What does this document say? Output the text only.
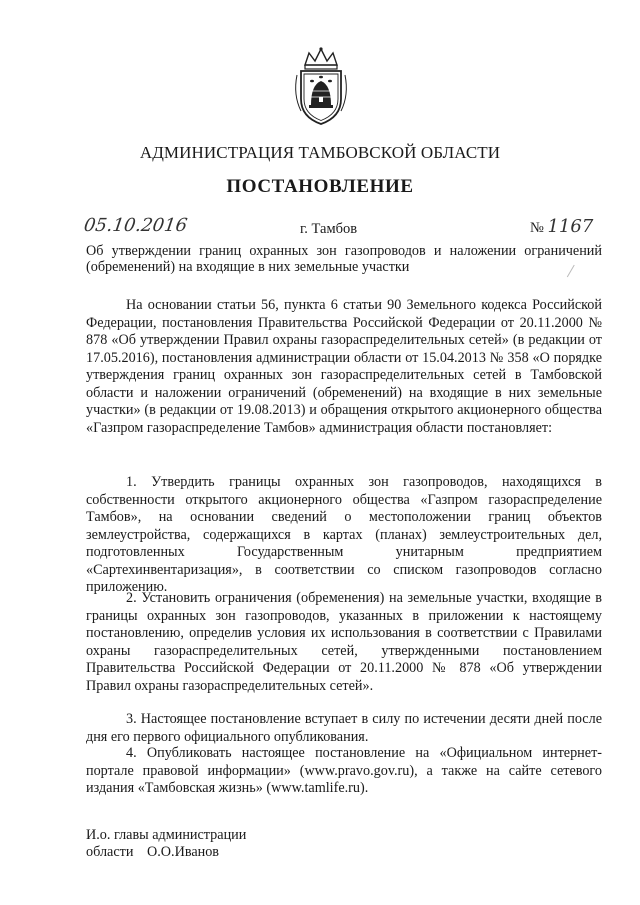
АДМИНИСТРАЦИЯ ТАМБОВСКОЙ ОБЛАСТИ
ПОСТАНОВЛЕНИЕ
05.10.2016	г. Тамбов	№ 1167
Об утверждении границ охранных зон газопроводов и наложении ограничений (обременений) на входящие в них земельные участки
На основании статьи 56, пункта 6 статьи 90 Земельного кодекса Российской Федерации, постановления Правительства Российской Федерации от 20.11.2000 № 878 «Об утверждении Правил охраны газораспределительных сетей» (в редакции от 17.05.2016), постановления администрации области от 15.04.2013 № 358 «О порядке утверждения границ охранных зон газораспределительных сетей в Тамбовской области и наложении ограничений (обременений) на входящие в них земельные участки» (в редакции от 19.08.2013) и обращения открытого акционерного общества «Газпром газораспределение Тамбов» администрация области постановляет:
1. Утвердить границы охранных зон газопроводов, находящихся в собственности открытого акционерного общества «Газпром газораспределение Тамбов», на основании сведений о местоположении границ объектов землеустройства, содержащихся в картах (планах) землеустроительных дел, подготовленных Государственным унитарным предприятием «Сартехинвентаризация», в соответствии со списком газопроводов согласно приложению.
2. Установить ограничения (обременения) на земельные участки, входящие в границы охранных зон газопроводов, указанных в приложении к настоящему постановлению, определив условия их использования в соответствии с Правилами охраны газораспределительных сетей, утвержденными постановлением Правительства Российской Федерации от 20.11.2000 № 878 «Об утверждении Правил охраны газораспределительных сетей».
3. Настоящее постановление вступает в силу по истечении десяти дней после дня его первого официального опубликования.
4. Опубликовать настоящее постановление на «Официальном интернет-портале правовой информации» (www.pravo.gov.ru), а также на сайте сетевого издания «Тамбовская жизнь» (www.tamlife.ru).
И.о. главы администрации
области О.О.Иванов
